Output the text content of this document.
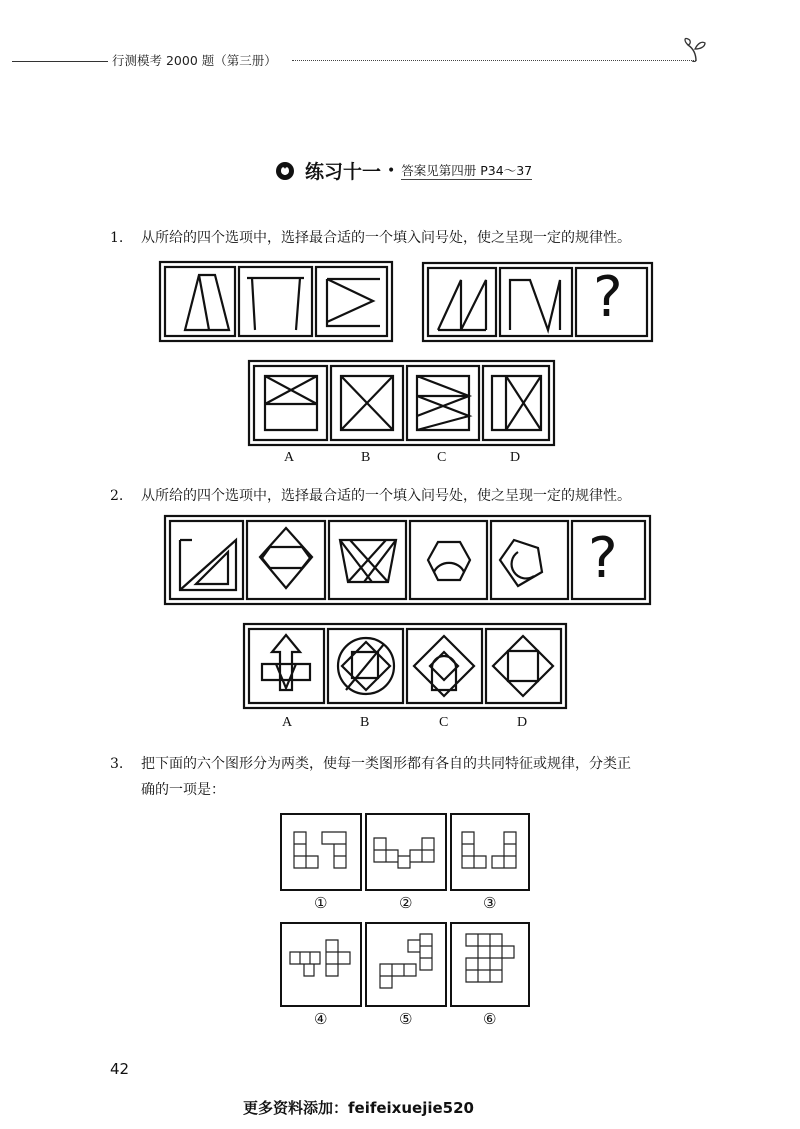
行测模考 2000 题（第三册）
练习十一 • 答案见第四册 P34～37
1. 从所给的四个选项中，选择最合适的一个填入问号处，使之呈现一定的规律性。
?
A	B	C	D
2. 从所给的四个选项中，选择最合适的一个填入问号处，使之呈现一定的规律性。
?
A	B	C	D
3. 把下面的六个图形分为两类，使每一类图形都有各自的共同特征或规律，分类正
确的一项是：
①	②	③
④	⑤	⑥
42
更多资料添加：feifeixuejie520
